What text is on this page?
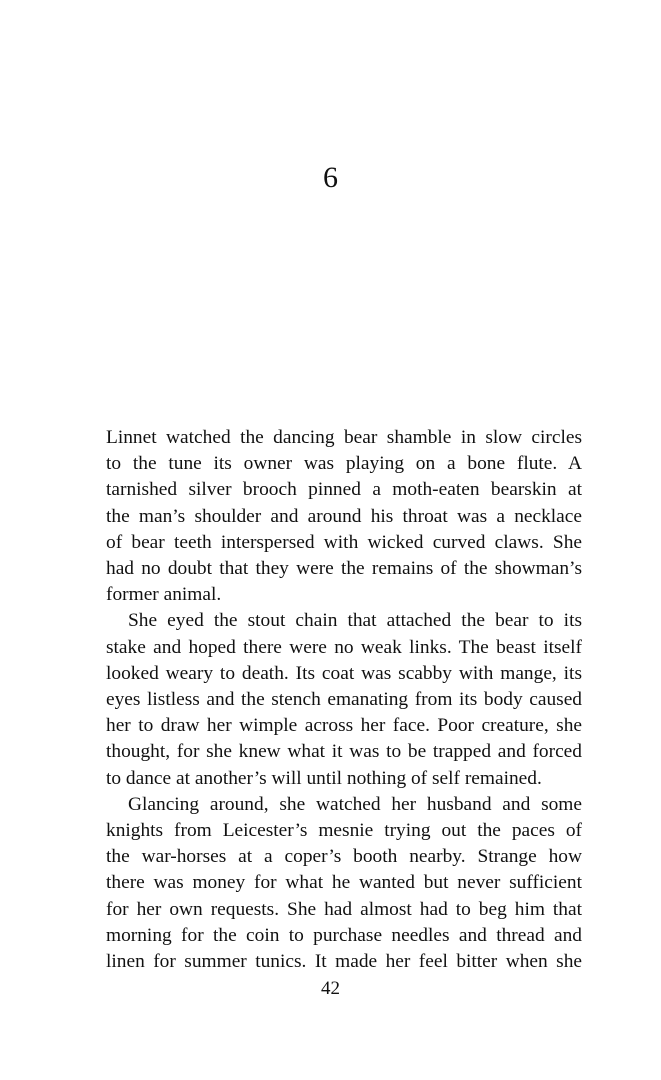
6
Linnet watched the dancing bear shamble in slow circles
to the tune its owner was playing on a bone flute. A
tarnished silver brooch pinned a moth-eaten bearskin at
the man’s shoulder and around his throat was a necklace
of bear teeth interspersed with wicked curved claws. She
had no doubt that they were the remains of the showman’s
former animal.
She eyed the stout chain that attached the bear to its
stake and hoped there were no weak links. The beast itself
looked weary to death. Its coat was scabby with mange, its
eyes listless and the stench emanating from its body caused
her to draw her wimple across her face. Poor creature, she
thought, for she knew what it was to be trapped and forced
to dance at another’s will until nothing of self remained.
Glancing around, she watched her husband and some
knights from Leicester’s mesnie trying out the paces of
the war-horses at a coper’s booth nearby. Strange how
there was money for what he wanted but never sufficient
for her own requests. She had almost had to beg him that
morning for the coin to purchase needles and thread and
linen for summer tunics. It made her feel bitter when she
42
